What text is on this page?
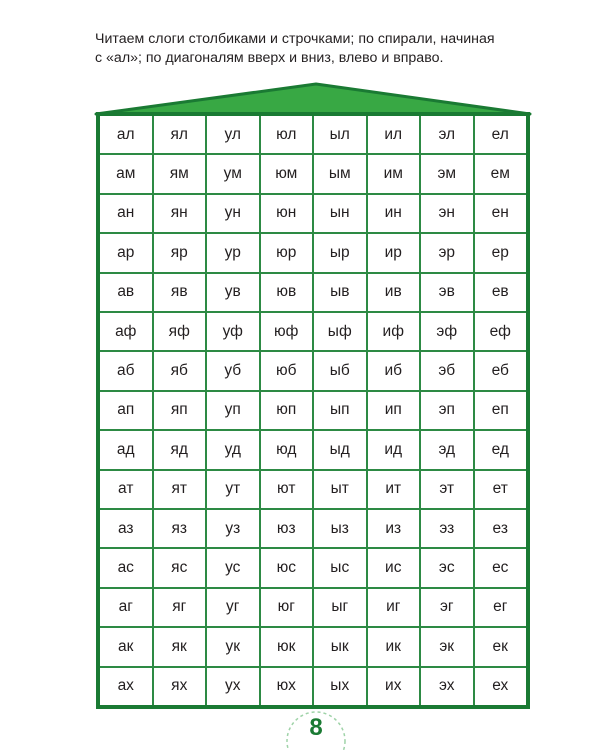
Читаем слоги столбиками и строчками; по спирали, начиная
с «ал»; по диагоналям вверх и вниз, влево и вправо.
ал	ял	ул	юл	ыл	ил	эл	ел
ам	ям	ум	юм	ым	им	эм	ем
ан	ян	ун	юн	ын	ин	эн	ен
ар	яр	ур	юр	ыр	ир	эр	ер
ав	яв	ув	юв	ыв	ив	эв	ев
аф	яф	уф	юф	ыф	иф	эф	еф
аб	яб	уб	юб	ыб	иб	эб	еб
ап	яп	уп	юп	ып	ип	эп	еп
ад	яд	уд	юд	ыд	ид	эд	ед
ат	ят	ут	ют	ыт	ит	эт	ет
аз	яз	уз	юз	ыз	из	эз	ез
ас	яс	ус	юс	ыс	ис	эс	ес
аг	яг	уг	юг	ыг	иг	эг	ег
ак	як	ук	юк	ык	ик	эк	ек
ах	ях	ух	юх	ых	их	эх	ех
8
